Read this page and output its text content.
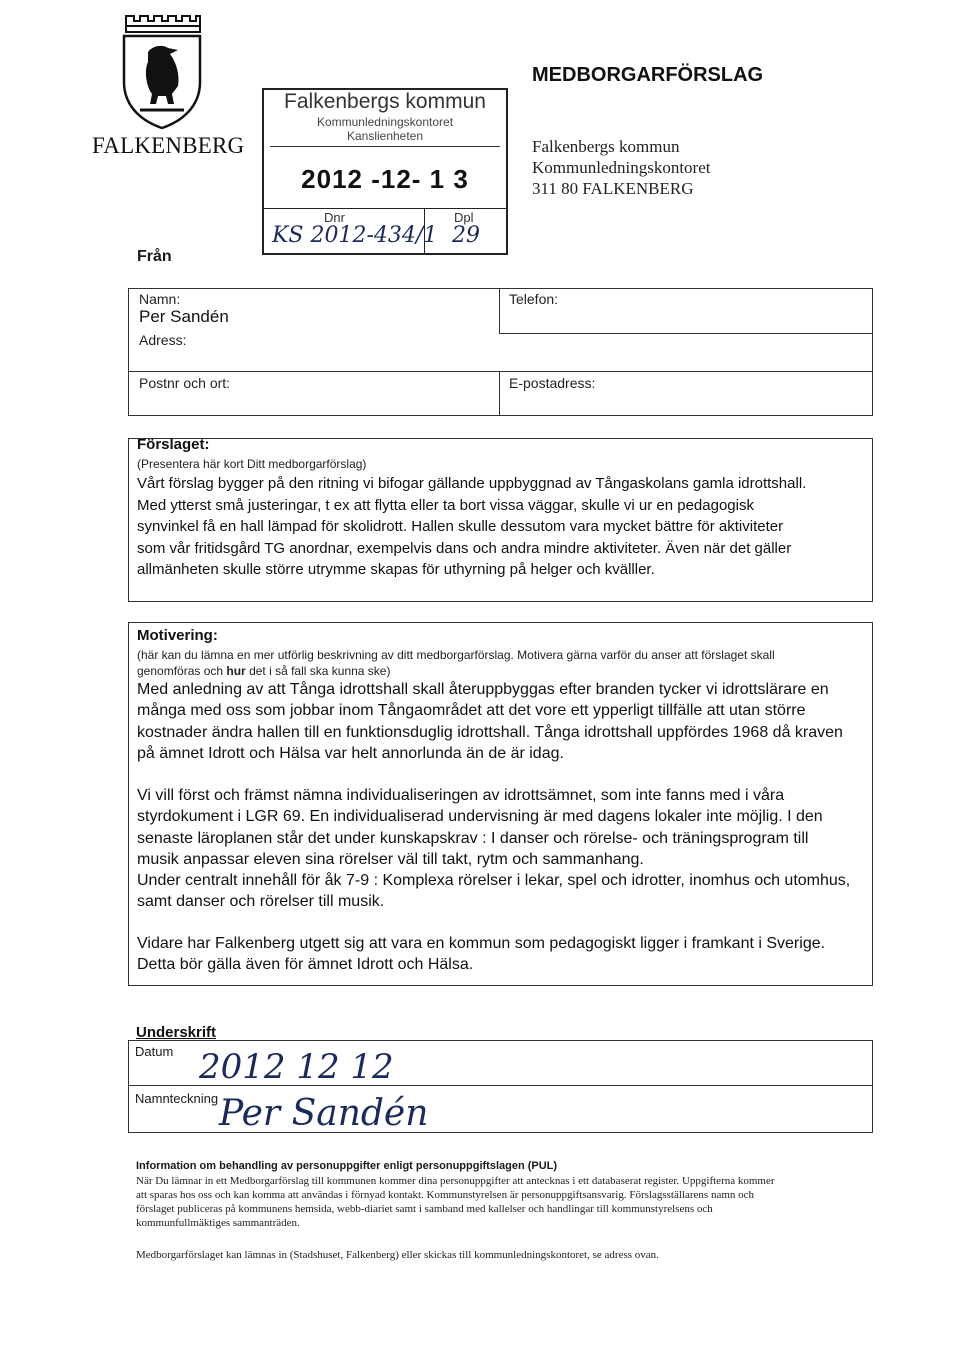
FALKENBERG
Falkenbergs kommun
Kommunledningskontoret
Kanslienheten
2012 -12- 1 3
Dnr	Dpl
KS 2012-434/1 29
MEDBORGARFÖRSLAG
Falkenbergs kommun
Kommunledningskontoret
311 80 FALKENBERG
Från
Namn:
Per Sandén
Adress:
Telefon:
Postnr och ort:	E-postadress:
Förslaget:
(Presentera här kort Ditt medborgarförslag)
Vårt förslag bygger på den ritning vi bifogar gällande uppbyggnad av Tångaskolans gamla idrottshall.
Med ytterst små justeringar, t ex att flytta eller ta bort vissa väggar, skulle vi ur en pedagogisk
synvinkel få en hall lämpad för skolidrott. Hallen skulle dessutom vara mycket bättre för aktiviteter
som vår fritidsgård TG anordnar, exempelvis dans och andra mindre aktiviteter. Även när det gäller
allmänheten skulle större utrymme skapas för uthyrning på helger och kvälller.
Motivering:
(här kan du lämna en mer utförlig beskrivning av ditt medborgarförslag. Motivera gärna varför du anser att förslaget skall
genomföras och hur det i så fall ska kunna ske)
Med anledning av att Tånga idrottshall skall återuppbyggas efter branden tycker vi idrottslärare en
många med oss som jobbar inom Tångaområdet att det vore ett ypperligt tillfälle att utan större
kostnader ändra hallen till en funktionsduglig idrottshall. Tånga idrottshall uppfördes 1968 då kraven
på ämnet Idrott och Hälsa var helt annorlunda än de är idag.
Vi vill först och främst nämna individualiseringen av idrottsämnet, som inte fanns med i våra
styrdokument i LGR 69. En individualiserad undervisning är med dagens lokaler inte möjlig. I den
senaste läroplanen står det under kunskapskrav : I danser och rörelse- och träningsprogram till
musik anpassar eleven sina rörelser väl till takt, rytm och sammanhang.
Under centralt innehåll för åk 7-9 : Komplexa rörelser i lekar, spel och idrotter, inomhus och utomhus,
samt danser och rörelser till musik.
Vidare har Falkenberg utgett sig att vara en kommun som pedagogiskt ligger i framkant i Sverige.
Detta bör gälla även för ämnet Idrott och Hälsa.
Underskrift
Datum 2012 12 12
Namnteckning Per Sandén
Information om behandling av personuppgifter enligt personuppgiftslagen (PUL)
När Du lämnar in ett Medborgarförslag till kommunen kommer dina personuppgifter att antecknas i ett databaserat register. Uppgifterna kommer
att sparas hos oss och kan komma att användas i förnyad kontakt. Kommunstyrelsen är personuppgiftsansvarig. Förslagsställarens namn och
förslaget publiceras på kommunens hemsida, webb-diariet samt i samband med kallelser och handlingar till kommunstyrelsens och
kommunfullmäktiges sammanträden.
Medborgarförslaget kan lämnas in (Stadshuset, Falkenberg) eller skickas till kommunledningskontoret, se adress ovan.
